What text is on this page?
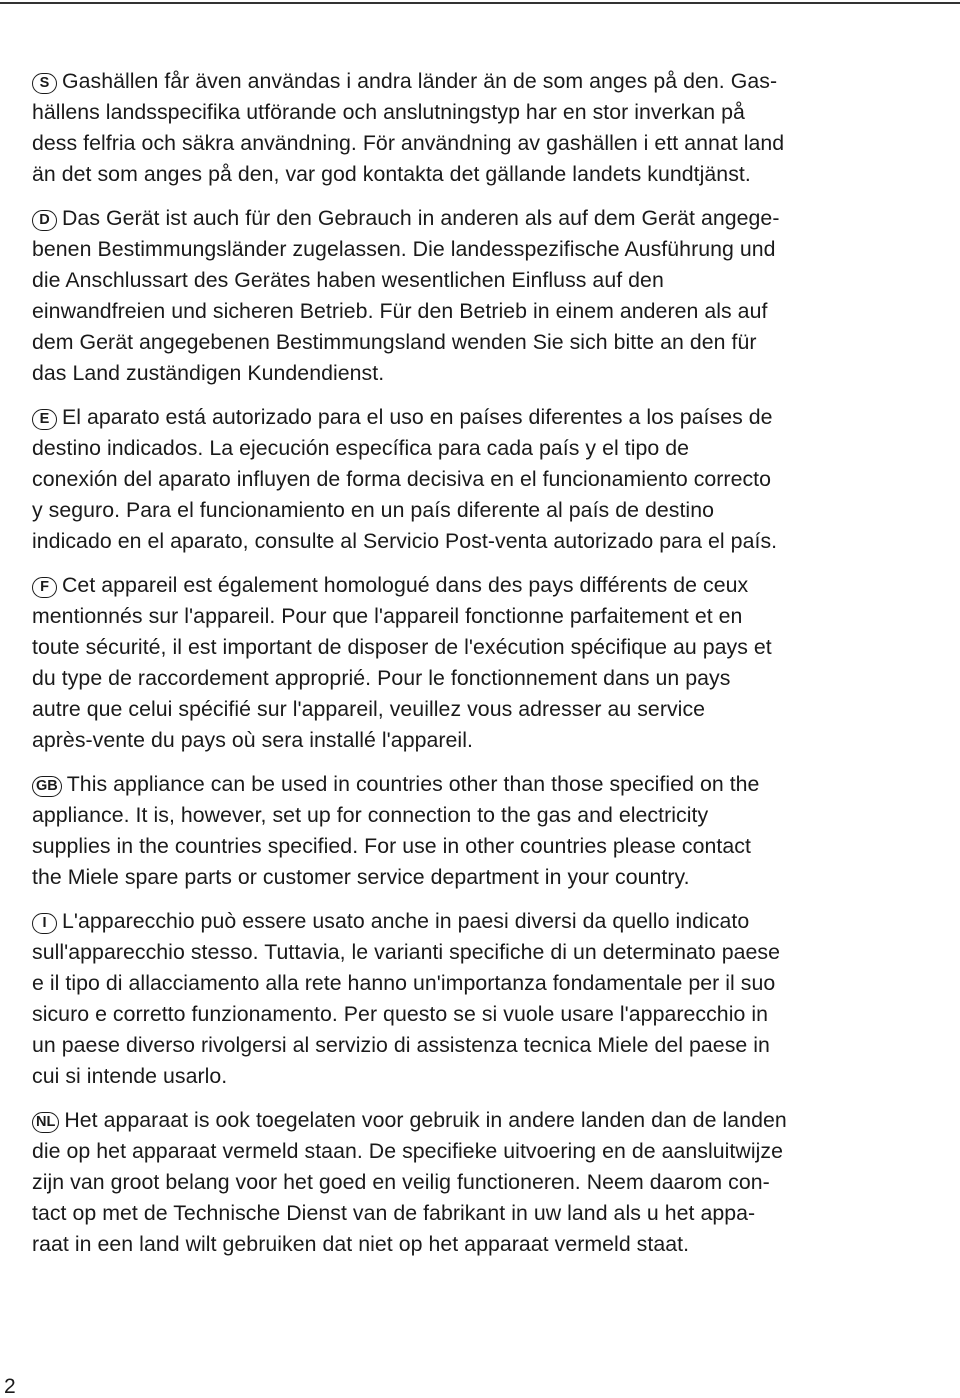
S Gashällen får även användas i andra länder än de som anges på den. Gas-
hällens landsspecifika utförande och anslutningstyp har en stor inverkan på
dess felfria och säkra användning. För användning av gashällen i ett annat land
än det som anges på den, var god kontakta det gällande landets kundtjänst.
D Das Gerät ist auch für den Gebrauch in anderen als auf dem Gerät angege-
benen Bestimmungsländer zugelassen. Die landesspezifische Ausführung und
die Anschlussart des Gerätes haben wesentlichen Einfluss auf den
einwandfreien und sicheren Betrieb. Für den Betrieb in einem anderen als auf
dem Gerät angegebenen Bestimmungsland wenden Sie sich bitte an den für
das Land zuständigen Kundendienst.
E El aparato está autorizado para el uso en países diferentes a los países de
destino indicados. La ejecución específica para cada país y el tipo de
conexión del aparato influyen de forma decisiva en el funcionamiento correcto
y seguro. Para el funcionamiento en un país diferente al país de destino
indicado en el aparato, consulte al Servicio Post-venta autorizado para el país.
F Cet appareil est également homologué dans des pays différents de ceux
mentionnés sur l'appareil. Pour que l'appareil fonctionne parfaitement et en
toute sécurité, il est important de disposer de l'exécution spécifique au pays et
du type de raccordement approprié. Pour le fonctionnement dans un pays
autre que celui spécifié sur l'appareil, veuillez vous adresser au service
après-vente du pays où sera installé l'appareil.
GB This appliance can be used in countries other than those specified on the
appliance. It is, however, set up for connection to the gas and electricity
supplies in the countries specified. For use in other countries please contact
the Miele spare parts or customer service department in your country.
I L'apparecchio può essere usato anche in paesi diversi da quello indicato
sull'apparecchio stesso. Tuttavia, le varianti specifiche di un determinato paese
e il tipo di allacciamento alla rete hanno un'importanza fondamentale per il suo
sicuro e corretto funzionamento. Per questo se si vuole usare l'apparecchio in
un paese diverso rivolgersi al servizio di assistenza tecnica Miele del paese in
cui si intende usarlo.
NL Het apparaat is ook toegelaten voor gebruik in andere landen dan de landen
die op het apparaat vermeld staan. De specifieke uitvoering en de aansluitwijze
zijn van groot belang voor het goed en veilig functioneren. Neem daarom con-
tact op met de Technische Dienst van de fabrikant in uw land als u het appa-
raat in een land wilt gebruiken dat niet op het apparaat vermeld staat.
2
